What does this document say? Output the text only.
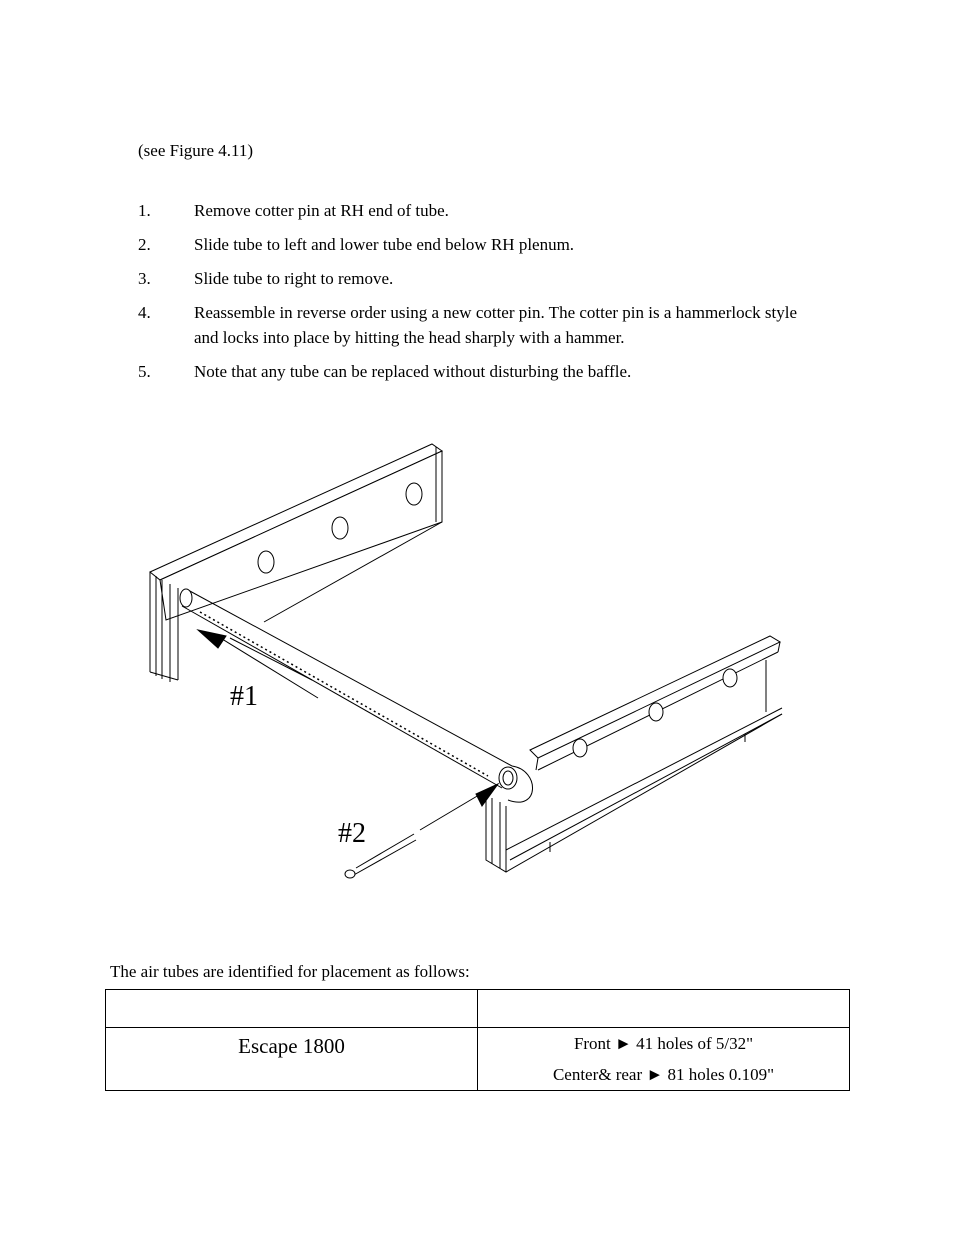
(see Figure 4.11)
1.	Remove cotter pin at RH end of tube.
2.	Slide tube to left and lower tube end below RH plenum.
3.	Slide tube to right to remove.
4.	Reassemble in reverse order using a new cotter pin. The cotter pin is a hammerlock style
and locks into place by hitting the head sharply with a hammer.
5.	Note that any tube can be replaced without disturbing the baffle.
#1
#2
The air tubes are identified for placement as follows:

Escape 1800	Front ► 41 holes of 5/32"
Center& rear ► 81 holes 0.109"
